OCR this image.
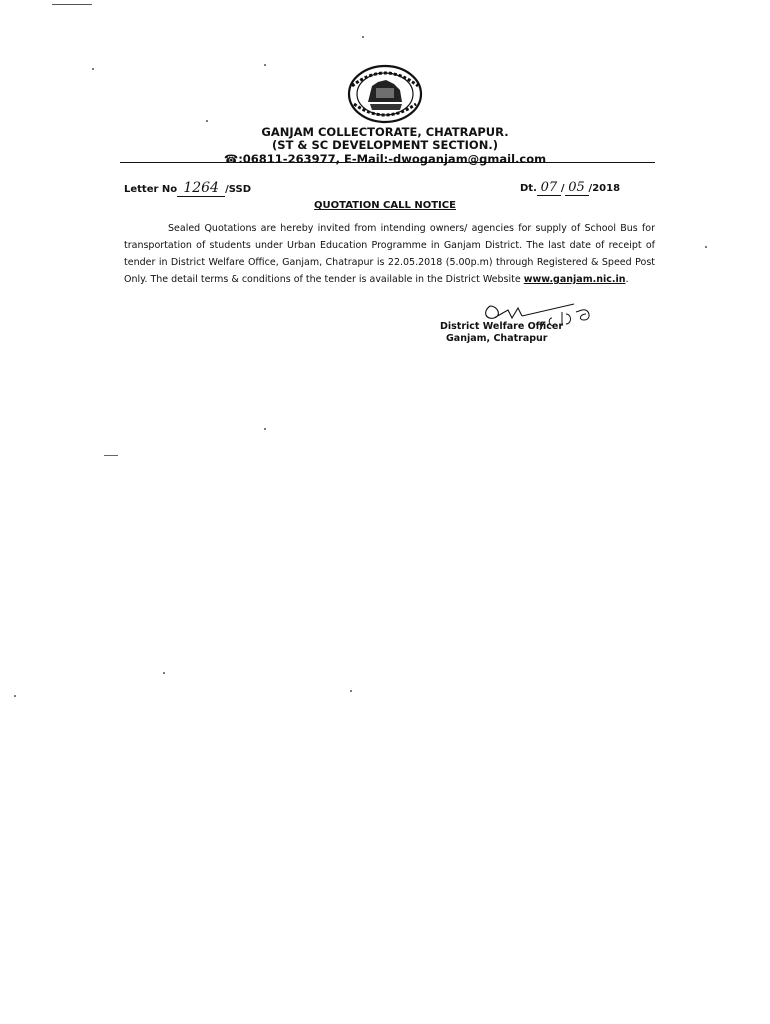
GANJAM COLLECTORATE, CHATRAPUR.
(ST & SC DEVELOPMENT SECTION.)
☎:06811-263977, E-Mail:-dwoganjam@gmail.com
Letter No 1264 /SSD	Dt. 07 / 05 /2018
QUOTATION CALL NOTICE
Sealed Quotations are hereby invited from intending owners/ agencies for supply of School Bus for transportation of students under Urban Education Programme in Ganjam District. The last date of receipt of tender in District Welfare Office, Ganjam, Chatrapur is 22.05.2018 (5.00p.m) through Registered & Speed Post Only. The detail terms & conditions of the tender is available in the District Website www.ganjam.nic.in.
District Welfare Officer
Ganjam, Chatrapur
